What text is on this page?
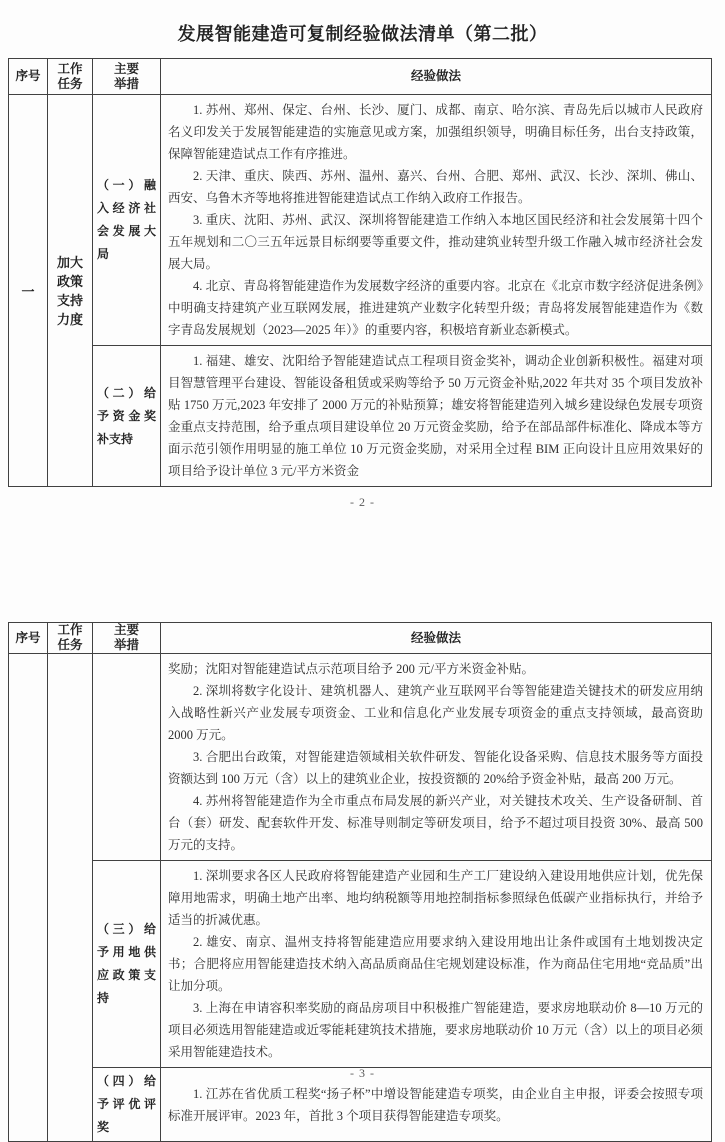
发展智能建造可复制经验做法清单（第二批）
序号	工作任务	主要举措	经验做法
一	加大政策支持力度	（一）融入经济社会发展大局	1. 苏州、郑州、保定、台州、长沙、厦门、成都、南京、哈尔滨、青岛先后以城市人民政府名义印发关于发展智能建造的实施意见或方案，加强组织领导，明确目标任务，出台支持政策，保障智能建造试点工作有序推进。

2. 天津、重庆、陕西、苏州、温州、嘉兴、台州、合肥、郑州、武汉、长沙、深圳、佛山、西安、乌鲁木齐等地将推进智能建造试点工作纳入政府工作报告。

3. 重庆、沈阳、苏州、武汉、深圳将智能建造工作纳入本地区国民经济和社会发展第十四个五年规划和二〇三五年远景目标纲要等重要文件，推动建筑业转型升级工作融入城市经济社会发展大局。

4. 北京、青岛将智能建造作为发展数字经济的重要内容。北京在《北京市数字经济促进条例》中明确支持建筑产业互联网发展，推进建筑产业数字化转型升级；青岛将发展智能建造作为《数字青岛发展规划（2023—2025 年）》的重要内容，积极培育新业态新模式。

		（二）给予资金奖补支持	1. 福建、雄安、沈阳给予智能建造试点工程项目资金奖补，调动企业创新积极性。福建对项目智慧管理平台建设、智能设备租赁或采购等给予 50 万元资金补贴,2022 年共对 35 个项目发放补贴 1750 万元,2023 年安排了 2000 万元的补贴预算；雄安将智能建造列入城乡建设绿色发展专项资金重点支持范围，给予重点项目建设单位 20 万元资金奖励，给予在部品部件标准化、降成本等方面示范引领作用明显的施工单位 10 万元资金奖励，对采用全过程 BIM 正向设计且应用效果好的项目给予设计单位 3 元/平方米资金

- 2 -
序号	工作任务	主要举措	经验做法

			奖励；沈阳对智能建造试点示范项目给予 200 元/平方米资金补贴。

2. 深圳将数字化设计、建筑机器人、建筑产业互联网平台等智能建造关键技术的研发应用纳入战略性新兴产业发展专项资金、工业和信息化产业发展专项资金的重点支持领域，最高资助 2000 万元。

3. 合肥出台政策，对智能建造领域相关软件研发、智能化设备采购、信息技术服务等方面投资额达到 100 万元（含）以上的建筑业企业，按投资额的 20%给予资金补贴，最高 200 万元。

4. 苏州将智能建造作为全市重点布局发展的新兴产业，对关键技术攻关、生产设备研制、首台（套）研发、配套软件开发、标准导则制定等研发项目，给予不超过项目投资 30%、最高 500 万元的支持。

		（三）给予用地供应政策支持	1. 深圳要求各区人民政府将智能建造产业园和生产工厂建设纳入建设用地供应计划，优先保障用地需求，明确土地产出率、地均纳税额等用地控制指标参照绿色低碳产业指标执行，并给予适当的折减优惠。

2. 雄安、南京、温州支持将智能建造应用要求纳入建设用地出让条件或国有土地划拨决定书；合肥将应用智能建造技术纳入高品质商品住宅规划建设标准，作为商品住宅用地“竞品质”出让加分项。

3. 上海在申请容积率奖励的商品房项目中积极推广智能建造，要求房地联动价 8—10 万元的项目必须选用智能建造或近零能耗建筑技术措施，要求房地联动价 10 万元（含）以上的项目必须采用智能建造技术。

		（四）给予评优评奖	1. 江苏在省优质工程奖“扬子杯”中增设智能建造专项奖，由企业自主申报，评委会按照专项标准开展评审。2023 年，首批 3 个项目获得智能建造专项奖。

- 3 -
